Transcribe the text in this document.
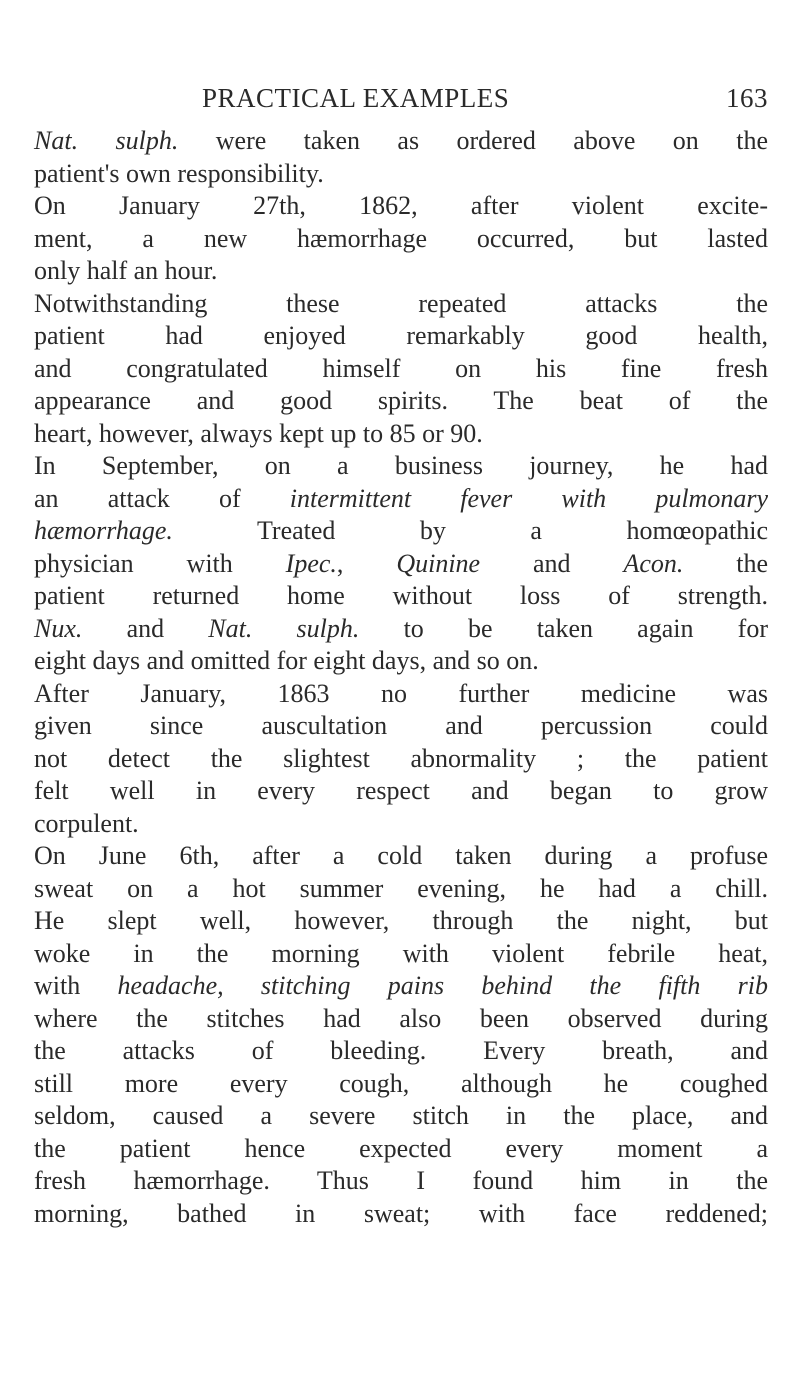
PRACTICAL EXAMPLES	163
Nat. sulph. were taken as ordered above on the
patient's own responsibility.
On January 27th, 1862, after violent excite-
ment, a new hæmorrhage occurred, but lasted
only half an hour.
Notwithstanding these repeated attacks the
patient had enjoyed remarkably good health,
and congratulated himself on his fine fresh
appearance and good spirits. The beat of the
heart, however, always kept up to 85 or 90.
In September, on a business journey, he had
an attack of intermittent fever with pulmonary
hæmorrhage. Treated by a homœopathic
physician with Ipec., Quinine and Acon. the
patient returned home without loss of strength.
Nux. and Nat. sulph. to be taken again for
eight days and omitted for eight days, and so on.
After January, 1863 no further medicine was
given since auscultation and percussion could
not detect the slightest abnormality ; the patient
felt well in every respect and began to grow
corpulent.
On June 6th, after a cold taken during a profuse
sweat on a hot summer evening, he had a chill.
He slept well, however, through the night, but
woke in the morning with violent febrile heat,
with headache, stitching pains behind the fifth rib
where the stitches had also been observed during
the attacks of bleeding. Every breath, and
still more every cough, although he coughed
seldom, caused a severe stitch in the place, and
the patient hence expected every moment a
fresh hæmorrhage. Thus I found him in the
morning, bathed in sweat; with face reddened;
